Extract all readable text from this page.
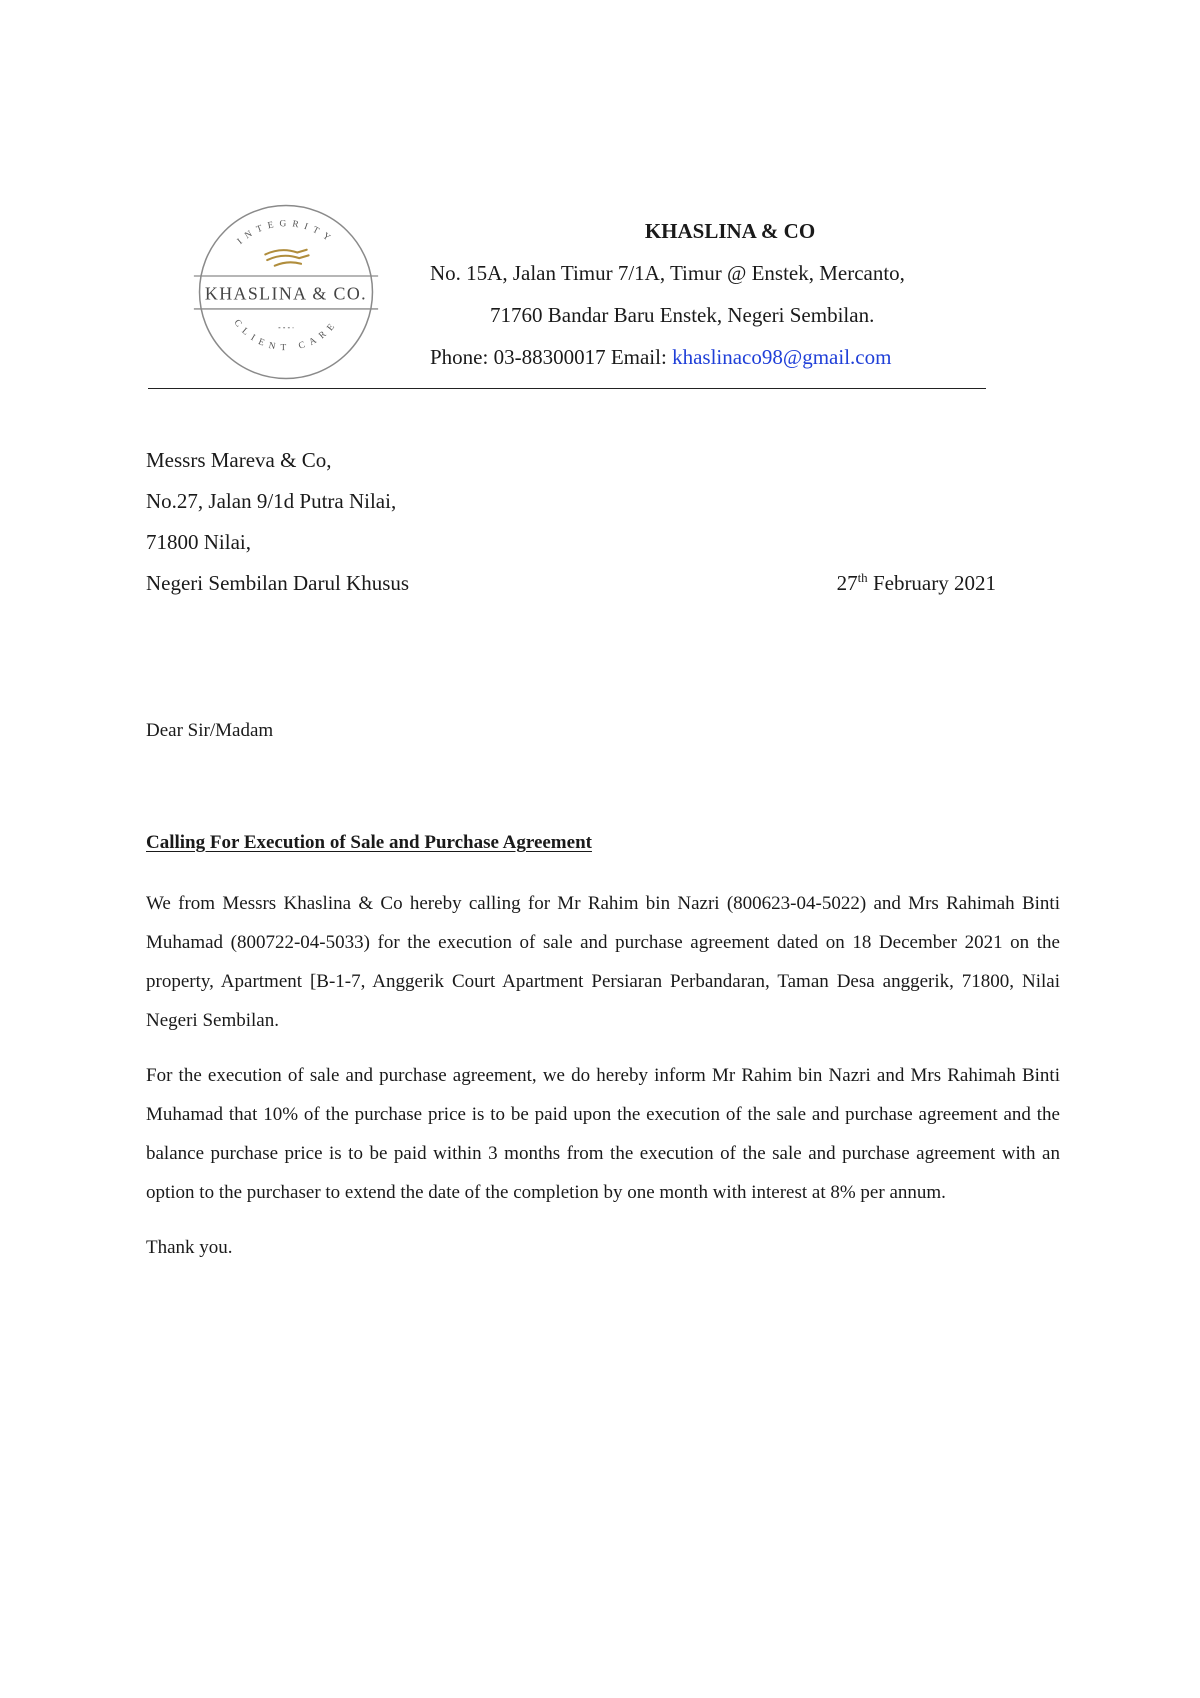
INTEGRITY
CLIENT CARE
KHASLINA & CO.
KHASLINA & CO
No. 15A, Jalan Timur 7/1A, Timur @ Enstek, Mercanto,
71760 Bandar Baru Enstek, Negeri Sembilan.
Phone: 03-88300017 Email: khaslinaco98@gmail.com
Messrs Mareva & Co,
No.27, Jalan 9/1d Putra Nilai,
71800 Nilai,
Negeri Sembilan Darul Khusus	27th February 2021
Dear Sir/Madam
Calling For Execution of Sale and Purchase Agreement

We from Messrs Khaslina & Co hereby calling for Mr Rahim bin Nazri (800623-04-5022) and Mrs Rahimah Binti Muhamad (800722-04-5033) for the execution of sale and purchase agreement dated on 18 December 2021 on the property, Apartment [B-1-7, Anggerik Court Apartment Persiaran Perbandaran, Taman Desa anggerik, 71800, Nilai Negeri Sembilan.

For the execution of sale and purchase agreement, we do hereby inform Mr Rahim bin Nazri and Mrs Rahimah Binti Muhamad that 10% of the purchase price is to be paid upon the execution of the sale and purchase agreement and the balance purchase price is to be paid within 3 months from the execution of the sale and purchase agreement with an option to the purchaser to extend the date of the completion by one month with interest at 8% per annum.

Thank you.
